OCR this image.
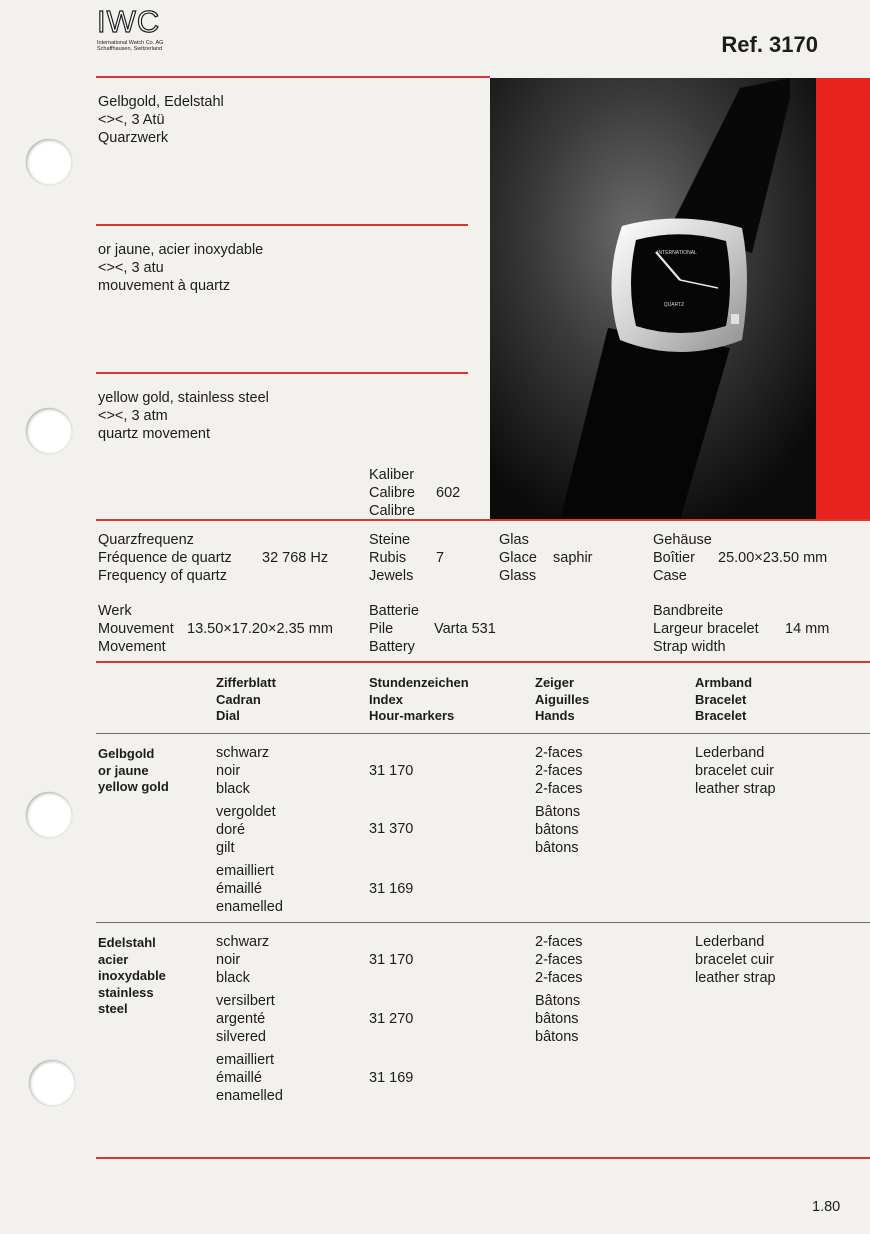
IWC
International Watch Co. AG
Schaffhausen, Switzerland	Ref. 3170
INTERNATIONAL
QUARTZ
Gelbgold, Edelstahl
<><, 3 Atü
Quarzwerk
or jaune, acier inoxydable
<><, 3 atu
mouvement à quartz
yellow gold, stainless steel
<><, 3 atm
quartz movement
Kaliber
Calibre
Calibre
602
Quarzfrequenz
Fréquence de quartz
Frequency of quartz
32 768 Hz
Steine
Rubis
Jewels
7
Glas
Glace
Glass
saphir
Gehäuse
Boîtier
Case
25.00×23.50 mm
Werk
Mouvement
Movement
13.50×17.20×2.35 mm
Batterie
Pile
Battery
Varta 531
Bandbreite
Largeur bracelet
Strap width
14 mm
Zifferblatt
Cadran
Dial
Stundenzeichen
Index
Hour-markers
Zeiger
Aiguilles
Hands
Armband
Bracelet
Bracelet
Gelbgold
or jaune
yellow gold
schwarz
noir
black
31 170
2-faces
2-faces
2-faces
Lederband
bracelet cuir
leather strap
vergoldet
doré
gilt
31 370
Bâtons
bâtons
bâtons
emailliert
émaillé
enamelled
31 169
Edelstahl
acier
inoxydable
stainless
steel
schwarz
noir
black
31 170
2-faces
2-faces
2-faces
Lederband
bracelet cuir
leather strap
versilbert
argenté
silvered
31 270
Bâtons
bâtons
bâtons
emailliert
émaillé
enamelled
31 169
1.80
